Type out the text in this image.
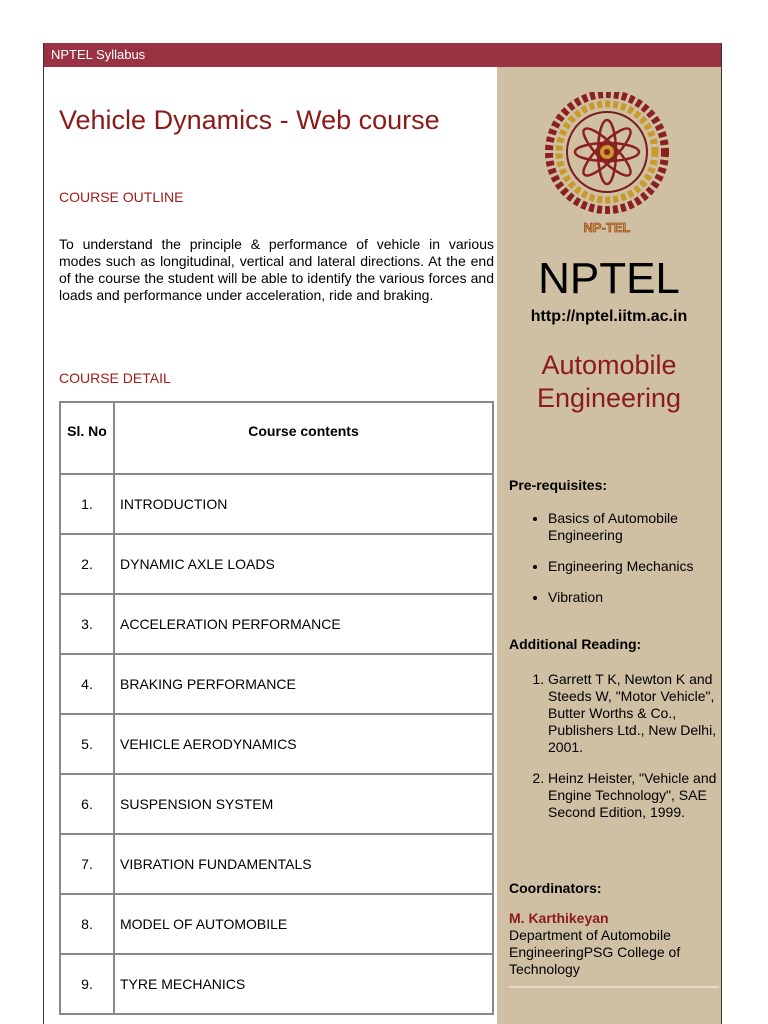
NPTEL Syllabus
Vehicle Dynamics - Web course
COURSE OUTLINE
To understand the principle & performance of vehicle in various modes such as longitudinal, vertical and lateral directions. At the end of the course the student will be able to identify the various forces and loads and performance under acceleration, ride and braking.
COURSE DETAIL
Sl. No	Course contents
1.	INTRODUCTION
2.	DYNAMIC AXLE LOADS
3.	ACCELERATION PERFORMANCE
4.	BRAKING PERFORMANCE
5.	VEHICLE AERODYNAMICS
6.	SUSPENSION SYSTEM
7.	VIBRATION FUNDAMENTALS
8.	MODEL OF AUTOMOBILE
9.	TYRE MECHANICS
NP-TEL
NPTEL
http://nptel.iitm.ac.in
Automobile Engineering
Pre-requisites:
• Basics of Automobile Engineering
• Engineering Mechanics
• Vibration
Additional Reading:
1. Garrett T K, Newton K and Steeds W, "Motor Vehicle", Butter Worths & Co., Publishers Ltd., New Delhi, 2001.
2. Heinz Heister, "Vehicle and Engine Technology", SAE Second Edition, 1999.
Coordinators:
M. Karthikeyan
Department of Automobile EngineeringPSG College of Technology
